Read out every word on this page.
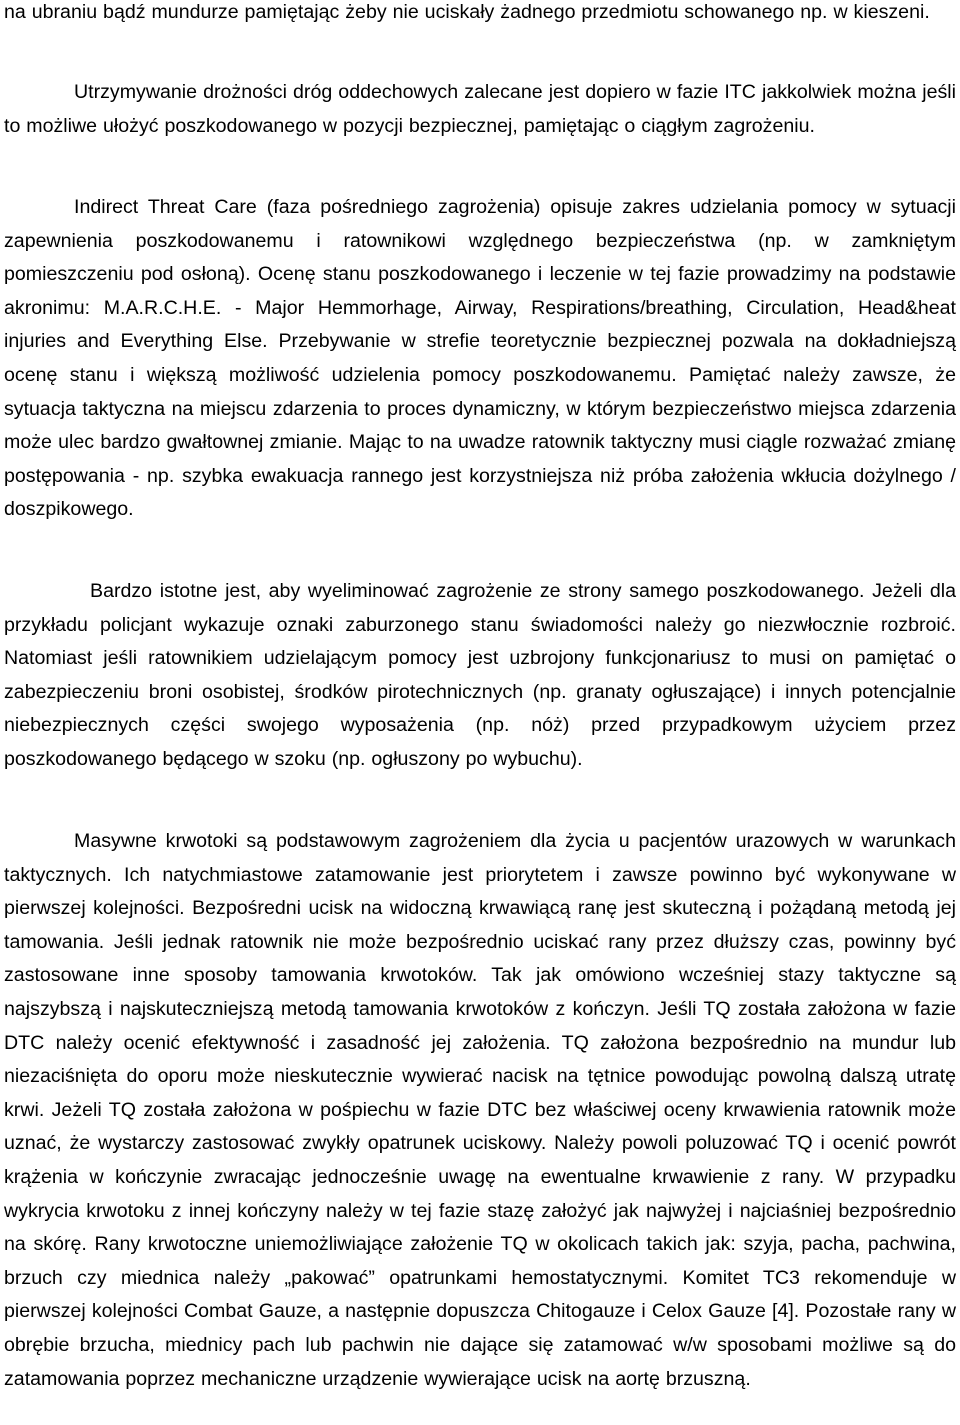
na ubraniu bądź mundurze pamiętając żeby nie uciskały żadnego przedmiotu schowanego np. w kieszeni.

Utrzymywanie drożności dróg oddechowych zalecane jest dopiero w fazie ITC jakkolwiek można jeśli to możliwe ułożyć poszkodowanego w pozycji bezpiecznej, pamiętając o ciągłym zagrożeniu.

Indirect Threat Care (faza pośredniego zagrożenia) opisuje zakres udzielania pomocy w sytuacji zapewnienia poszkodowanemu i ratownikowi względnego bezpieczeństwa (np. w zamkniętym pomieszczeniu pod osłoną). Ocenę stanu poszkodowanego i leczenie w tej fazie prowadzimy na podstawie akronimu: M.A.R.C.H.E. - Major Hemmorhage, Airway, Respirations/breathing, Circulation, Head&heat injuries and Everything Else. Przebywanie w strefie teoretycznie bezpiecznej pozwala na dokładniejszą ocenę stanu i większą możliwość udzielenia pomocy poszkodowanemu. Pamiętać należy zawsze, że sytuacja taktyczna na miejscu zdarzenia to proces dynamiczny, w którym bezpieczeństwo miejsca zdarzenia może ulec bardzo gwałtownej zmianie. Mając to na uwadze ratownik taktyczny musi ciągle rozważać zmianę postępowania - np. szybka ewakuacja rannego jest korzystniejsza niż próba założenia wkłucia dożylnego / doszpikowego.

Bardzo istotne jest, aby wyeliminować zagrożenie ze strony samego poszkodowanego. Jeżeli dla przykładu policjant wykazuje oznaki zaburzonego stanu świadomości należy go niezwłocznie rozbroić. Natomiast jeśli ratownikiem udzielającym pomocy jest uzbrojony funkcjonariusz to musi on pamiętać o zabezpieczeniu broni osobistej, środków pirotechnicznych (np. granaty ogłuszające) i innych potencjalnie niebezpiecznych części swojego wyposażenia (np. nóż) przed przypadkowym użyciem przez poszkodowanego będącego w szoku (np. ogłuszony po wybuchu).

Masywne krwotoki są podstawowym zagrożeniem dla życia u pacjentów urazowych w warunkach taktycznych. Ich natychmiastowe zatamowanie jest priorytetem i zawsze powinno być wykonywane w pierwszej kolejności. Bezpośredni ucisk na widoczną krwawiącą ranę jest skuteczną i pożądaną metodą jej tamowania. Jeśli jednak ratownik nie może bezpośrednio uciskać rany przez dłuższy czas, powinny być zastosowane inne sposoby tamowania krwotoków. Tak jak omówiono wcześniej stazy taktyczne są najszybszą i najskuteczniejszą metodą tamowania krwotoków z kończyn. Jeśli TQ została założona w fazie DTC należy ocenić efektywność i zasadność jej założenia. TQ założona bezpośrednio na mundur lub niezaciśnięta do oporu może nieskutecznie wywierać nacisk na tętnice powodując powolną dalszą utratę krwi. Jeżeli TQ została założona w pośpiechu w fazie DTC bez właściwej oceny krwawienia ratownik może uznać, że wystarczy zastosować zwykły opatrunek uciskowy. Należy powoli poluzować TQ i ocenić powrót krążenia w kończynie zwracając jednocześnie uwagę na ewentualne krwawienie z rany. W przypadku wykrycia krwotoku z innej kończyny należy w tej fazie stazę założyć jak najwyżej i najciaśniej bezpośrednio na skórę. Rany krwotoczne uniemożliwiające założenie TQ w okolicach takich jak: szyja, pacha, pachwina, brzuch czy miednica należy „pakować” opatrunkami hemostatycznymi. Komitet TC3 rekomenduje w pierwszej kolejności Combat Gauze, a następnie dopuszcza Chitogauze i Celox Gauze [4]. Pozostałe rany w obrębie brzucha, miednicy pach lub pachwin nie dające się zatamować w/w sposobami możliwe są do zatamowania poprzez mechaniczne urządzenie wywierające ucisk na aortę brzuszną.
